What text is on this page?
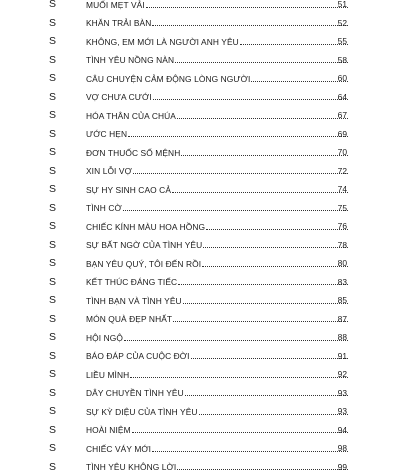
S	MUỐI MẸT VẢI	51
S	KHĂN TRẢI BÀN	52
S	KHÔNG, EM MỚI LÀ NGƯỜI ANH YÊU	55
S	TÌNH YÊU NỒNG NÀN	58
S	CÂU CHUYỆN CẢM ĐỘNG LÒNG NGƯỜI	60
S	VỢ CHƯA CƯỚI	64
S	HÓA THÂN CỦA CHÚA	67
S	ƯỚC HẸN	69
S	ĐƠN THUỐC SỐ MỆNH	70
S	XIN LỖI VỢ	72
S	SỰ HY SINH CAO CẢ	74
S	TÌNH CỜ	75
S	CHIẾC KÍNH MÀU HOA HỒNG	76
S	SỰ BẤT NGỜ CỦA TÌNH YÊU	78
S	BẠN YÊU QUÝ, TÔI ĐẾN RỒI	80
S	KẾT THÚC ĐÁNG TIẾC	83
S	TÌNH BẠN VÀ TÌNH YÊU	85
S	MÓN QUÀ ĐẸP NHẤT	87
S	HỘI NGỘ	88
S	BÁO ĐÁP CỦA CUỘC ĐỜI	91
S	LIỀU MÌNH	92
S	DÂY CHUYỀN TÌNH YÊU	93
S	SỰ KỲ DIỆU CỦA TÌNH YÊU	93
S	HOÀI NIỆM	94
S	CHIẾC VÁY MỚI	98
S	TÌNH YÊU KHÔNG LỜI	99
